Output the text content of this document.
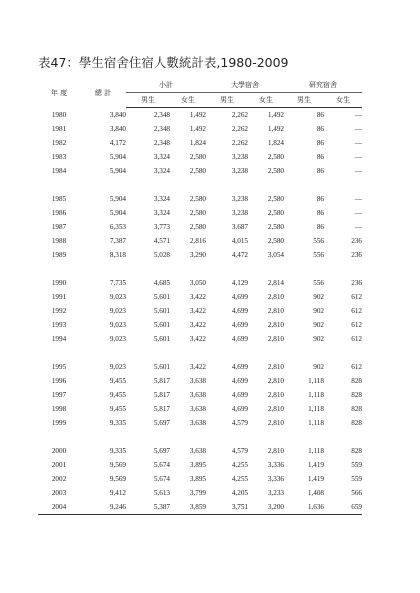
表47：學生宿舍住宿人數統計表,1980-2009
年 度	總 計	小計		大學宿舍		研究宿舍	
		男生	女生	男生	女生	男生	女生
1980	3,840	2,348	1,492	2,262	1,492	86	—
1981	3,840	2,348	1,492	2,262	1,492	86	—
1982	4,172	2,348	1,824	2,262	1,824	86	—
1983	5,904	3,324	2,580	3,238	2,580	86	—
1984	5,904	3,324	2,580	3,238	2,580	86	—

1985	5,904	3,324	2,580	3,238	2,580	86	—
1986	5,904	3,324	2,580	3,238	2,580	86	—
1987	6,353	3,773	2,580	3,687	2,580	86	—
1988	7,387	4,571	2,816	4,015	2,580	556	236
1989	8,318	5,028	3,290	4,472	3,054	556	236

1990	7,735	4,685	3,050	4,129	2,814	556	236
1991	9,023	5,601	3,422	4,699	2,810	902	612
1992	9,023	5,601	3,422	4,699	2,810	902	612
1993	9,023	5,601	3,422	4,699	2,810	902	612
1994	9,023	5,601	3,422	4,699	2,810	902	612

1995	9,023	5,601	3,422	4,699	2,810	902	612
1996	9,455	5,817	3,638	4,699	2,810	1,118	828
1997	9,455	5,817	3,638	4,699	2,810	1,118	828
1998	9,455	5,817	3,638	4,699	2,810	1,118	828
1999	9,335	5,697	3,638	4,579	2,810	1,118	828

2000	9,335	5,697	3,638	4,579	2,810	1,118	828
2001	9,569	5,674	3,895	4,255	3,336	1,419	559
2002	9,569	5,674	3,895	4,255	3,336	1,419	559
2003	9,412	5,613	3,799	4,205	3,233	1,408	566
2004	9,246	5,387	3,859	3,751	3,200	1,636	659
